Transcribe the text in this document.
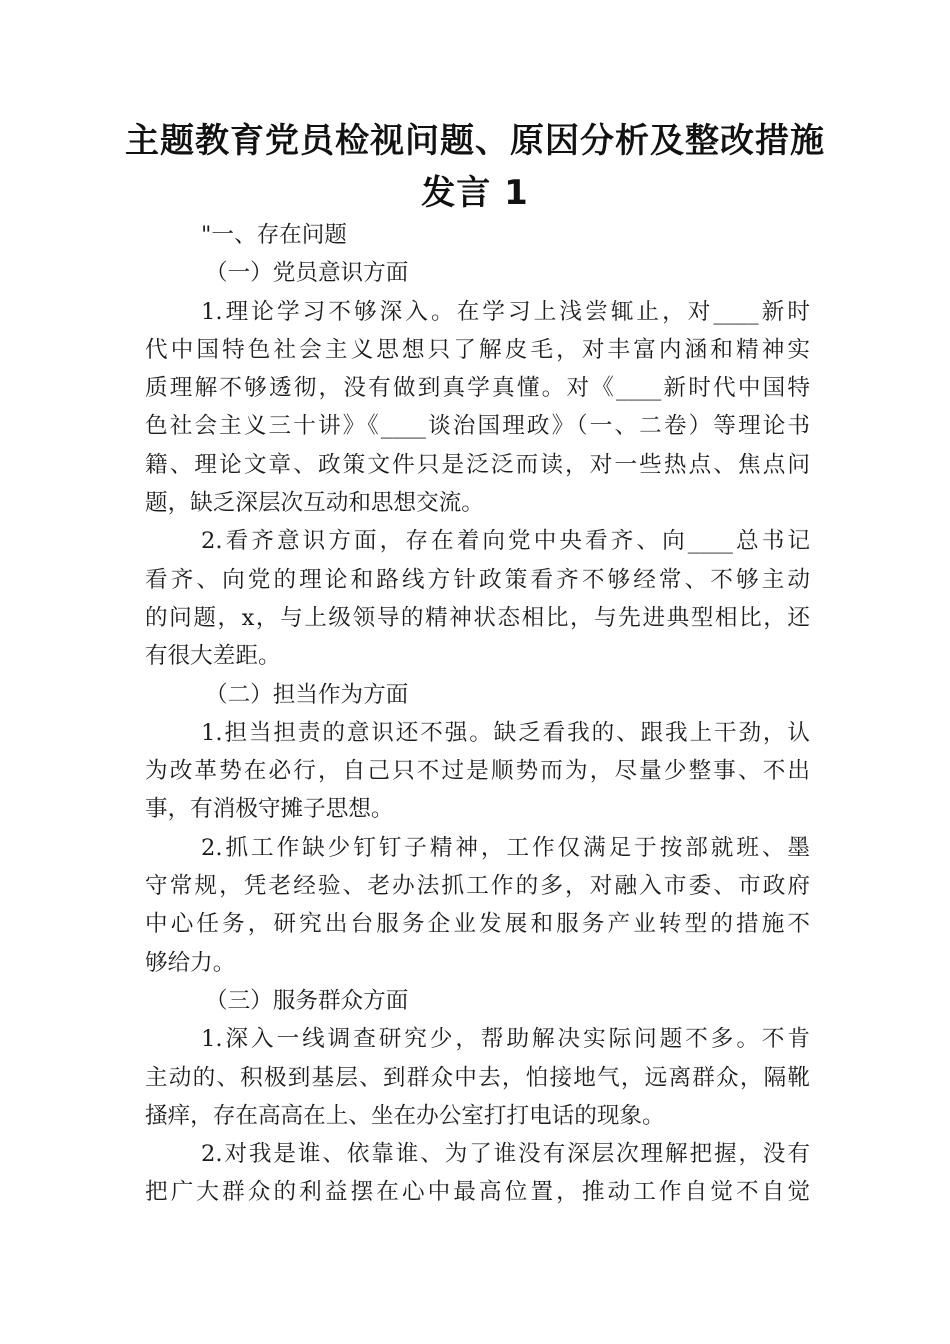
主题教育党员检视问题、原因分析及整改措施
发言 1
"一、存在问题
（一）党员意识方面
1.理论学习不够深入。在学习上浅尝辄止，对____新时
代中国特色社会主义思想只了解皮毛，对丰富内涵和精神实
质理解不够透彻，没有做到真学真懂。对《____新时代中国特
色社会主义三十讲》《____谈治国理政》（一、二卷）等理论书
籍、理论文章、政策文件只是泛泛而读，对一些热点、焦点问
题，缺乏深层次互动和思想交流。
2.看齐意识方面，存在着向党中央看齐、向____总书记
看齐、向党的理论和路线方针政策看齐不够经常、不够主动
的问题，x，与上级领导的精神状态相比，与先进典型相比，还
有很大差距。
（二）担当作为方面
1.担当担责的意识还不强。缺乏看我的、跟我上干劲，认
为改革势在必行，自己只不过是顺势而为，尽量少整事、不出
事，有消极守摊子思想。
2.抓工作缺少钉钉子精神，工作仅满足于按部就班、墨
守常规，凭老经验、老办法抓工作的多，对融入市委、市政府
中心任务，研究出台服务企业发展和服务产业转型的措施不
够给力。
（三）服务群众方面
1.深入一线调查研究少，帮助解决实际问题不多。不肯
主动的、积极到基层、到群众中去，怕接地气，远离群众，隔靴
搔痒，存在高高在上、坐在办公室打打电话的现象。
2.对我是谁、依靠谁、为了谁没有深层次理解把握，没有
把广大群众的利益摆在心中最高位置，推动工作自觉不自觉
